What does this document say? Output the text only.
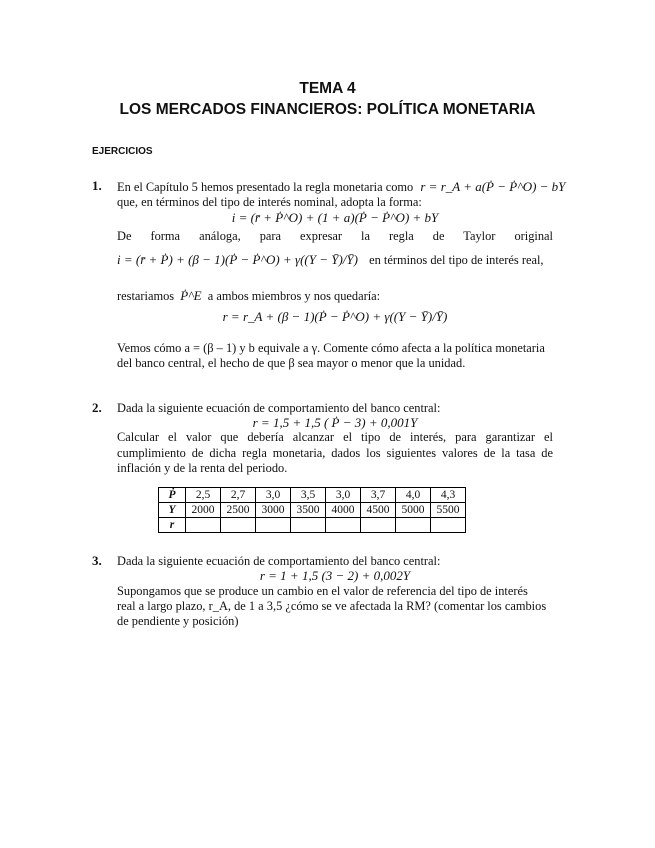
TEMA 4
LOS MERCADOS FINANCIEROS: POLÍTICA MONETARIA
EJERCICIOS
1. En el Capítulo 5 hemos presentado la regla monetaria como r = r_A + a(Ṗ − Ṗ^O) − bY
que, en términos del tipo de interés nominal, adopta la forma:
i = (r̄ + Ṗ^O) + (1 + a)(Ṗ − Ṗ^O) + bY
De forma análoga, para expresar la regla de Taylor original
i = (r̄ + Ṗ) + (β − 1)(Ṗ − Ṗ^O) + γ((Y − Ȳ)/Ȳ) en términos del tipo de interés real,
restariamos Ṗ^E a ambos miembros y nos quedaría:
r = r_A + (β − 1)(Ṗ − Ṗ^O) + γ((Y − Ȳ)/Ȳ)
Vemos cómo a = (β – 1) y b equivale a γ. Comente cómo afecta a la política monetaria
del banco central, el hecho de que β sea mayor o menor que la unidad.
2. Dada la siguiente ecuación de comportamiento del banco central:
r = 1,5 + 1,5 ( Ṗ − 3) + 0,001Y
Calcular el valor que debería alcanzar el tipo de interés, para garantizar el
cumplimiento de dicha regla monetaria, dados los siguientes valores de la tasa de
inflación y de la renta del periodo.
Ṗ	2,5	2,7	3,0	3,5	3,0	3,7	4,0	4,3
Y	2000	2500	3000	3500	4000	4500	5000	5500
r								
3. Dada la siguiente ecuación de comportamiento del banco central:
r = 1 + 1,5 (3 − 2) + 0,002Y
Supongamos que se produce un cambio en el valor de referencia del tipo de interés
real a largo plazo, r_A, de 1 a 3,5 ¿cómo se ve afectada la RM? (comentar los cambios
de pendiente y posición)
